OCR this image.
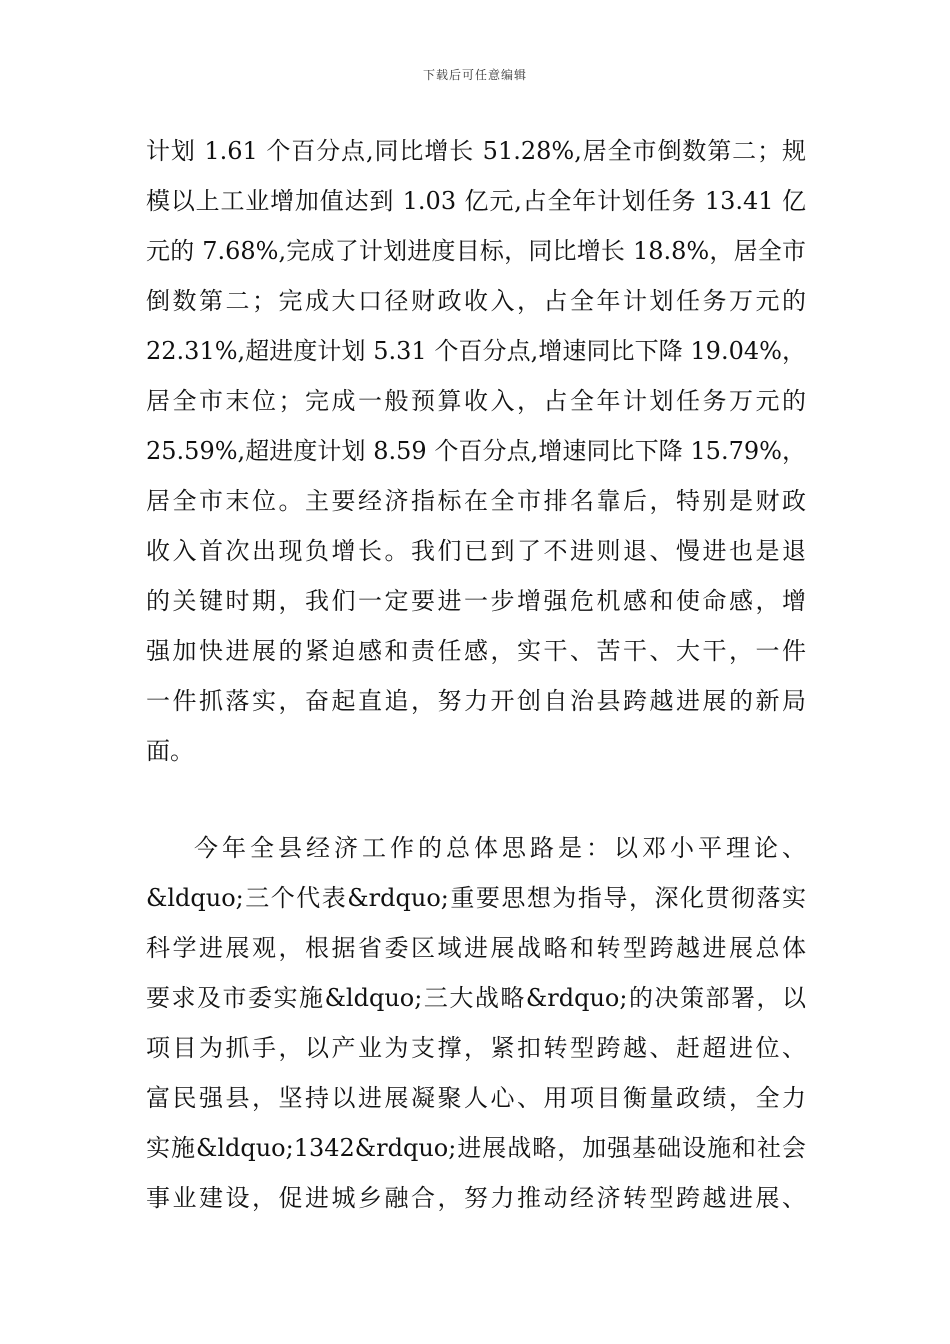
下载后可任意编辑
计划 1.61 个百分点,同比增长 51.28%,居全市倒数第二；规
模以上工业增加值达到 1.03 亿元,占全年计划任务 13.41 亿
元的 7.68%,完成了计划进度目标，同比增长 18.8%，居全市
倒数第二；完成大口径财政收入，占全年计划任务万元的
22.31%,超进度计划 5.31 个百分点,增速同比下降 19.04%，
居全市末位；完成一般预算收入，占全年计划任务万元的
25.59%,超进度计划 8.59 个百分点,增速同比下降 15.79%，
居全市末位。主要经济指标在全市排名靠后，特别是财政
收入首次出现负增长。我们已到了不进则退、慢进也是退
的关键时期，我们一定要进一步增强危机感和使命感，增
强加快进展的紧迫感和责任感，实干、苦干、大干，一件
一件抓落实，奋起直追，努力开创自治县跨越进展的新局
面。
今年全县经济工作的总体思路是：以邓小平理论、
&ldquo;三个代表&rdquo;重要思想为指导，深化贯彻落实
科学进展观，根据省委区域进展战略和转型跨越进展总体
要求及市委实施&ldquo;三大战略&rdquo;的决策部署，以
项目为抓手，以产业为支撑，紧扣转型跨越、赶超进位、
富民强县，坚持以进展凝聚人心、用项目衡量政绩，全力
实施&ldquo;1342&rdquo;进展战略，加强基础设施和社会
事业建设，促进城乡融合，努力推动经济转型跨越进展、
